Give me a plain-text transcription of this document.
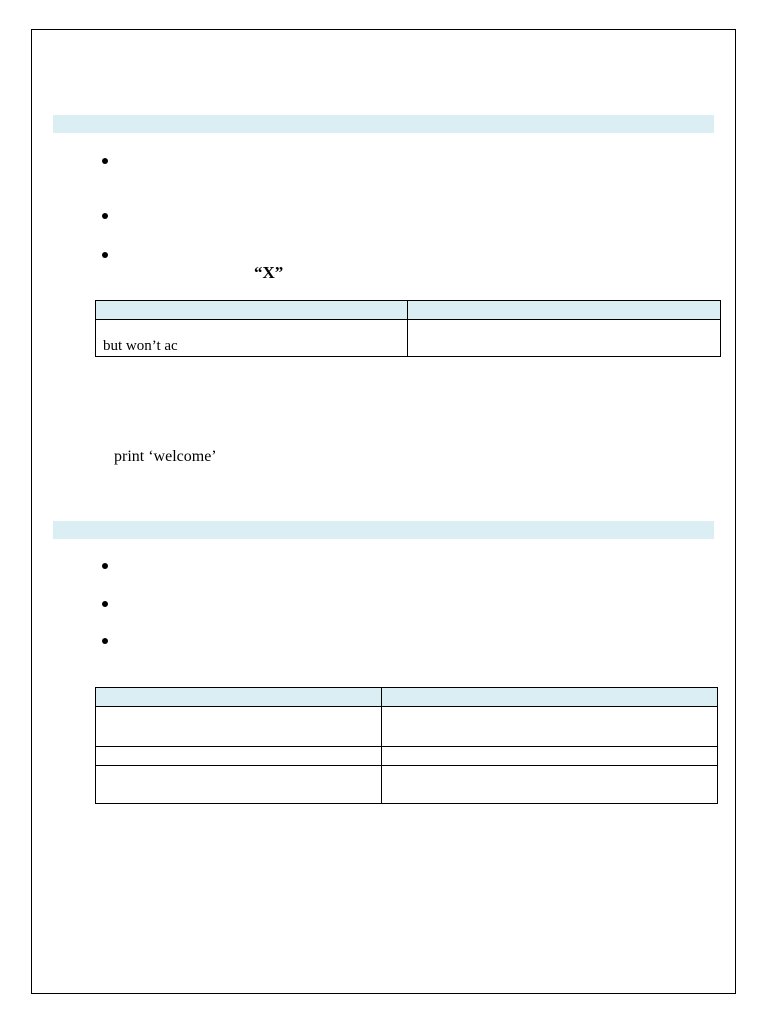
“X”

but won’t ac	

print ‘welcome’
